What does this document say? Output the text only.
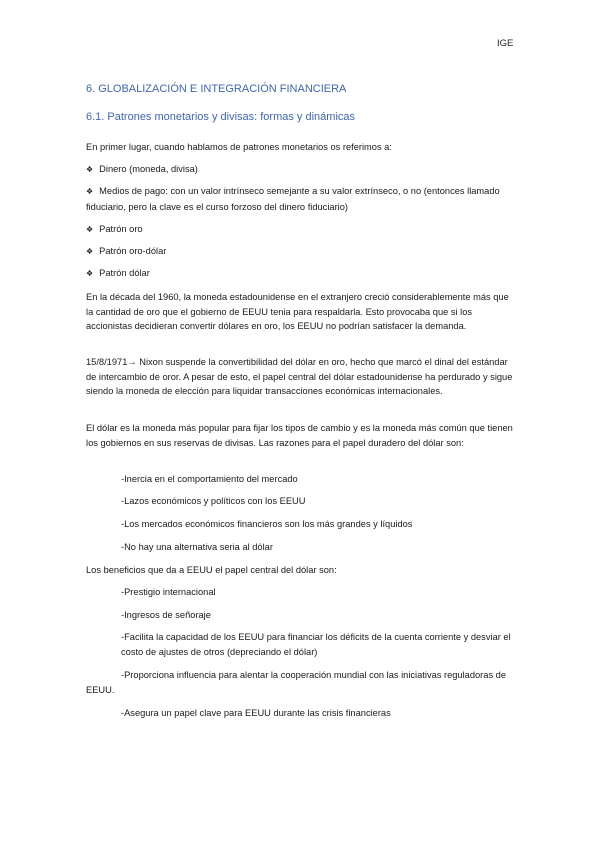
IGE
6. GLOBALIZACIÓN E INTEGRACIÓN FINANCIERA
6.1. Patrones monetarios y divisas: formas y dinámicas
En primer lugar, cuando hablamos de patrones monetarios os referimos a:
❖ Dinero (moneda, divisa)
❖ Medios de pago: con un valor intrínseco semejante a su valor extrínseco, o no (entonces llamado fiduciario, pero la clave es el curso forzoso del dinero fiduciario)
❖ Patrón oro
❖ Patrón oro-dólar
❖ Patrón dólar
En la década del 1960, la moneda estadounidense en el extranjero creció considerablemente más que la cantidad de oro que el gobierno de EEUU tenia para respaldarla. Esto provocaba que si los accionistas decidieran convertir dólares en oro, los EEUU no podrían satisfacer la demanda.
15/8/1971→ Nixon suspende la convertibilidad del dólar en oro, hecho que marcó el dinal del estándar de intercambio de oror. A pesar de esto, el papel central del dólar estadounidense ha perdurado y sigue siendo la moneda de elección para liquidar transacciones económicas internacionales.
El dólar es la moneda más popular para fijar los tipos de cambio y es la moneda más común que tienen los gobiernos en sus reservas de divisas. Las razones para el papel duradero del dólar son:
-Inercia en el comportamiento del mercado
-Lazos económicos y políticos con los EEUU
-Los mercados económicos financieros son los más grandes y líquidos
-No hay una alternativa seria al dólar
Los beneficios que da a EEUU el papel central del dólar son:
-Prestigio internacional
-Ingresos de señoraje
-Facilita la capacidad de los EEUU para financiar los déficits de la cuenta corriente y desviar el costo de ajustes de otros (depreciando el dólar)
-Proporciona influencia para alentar la cooperación mundial con las iniciativas reguladoras de EEUU.
-Asegura un papel clave para EEUU durante las crisis financieras
